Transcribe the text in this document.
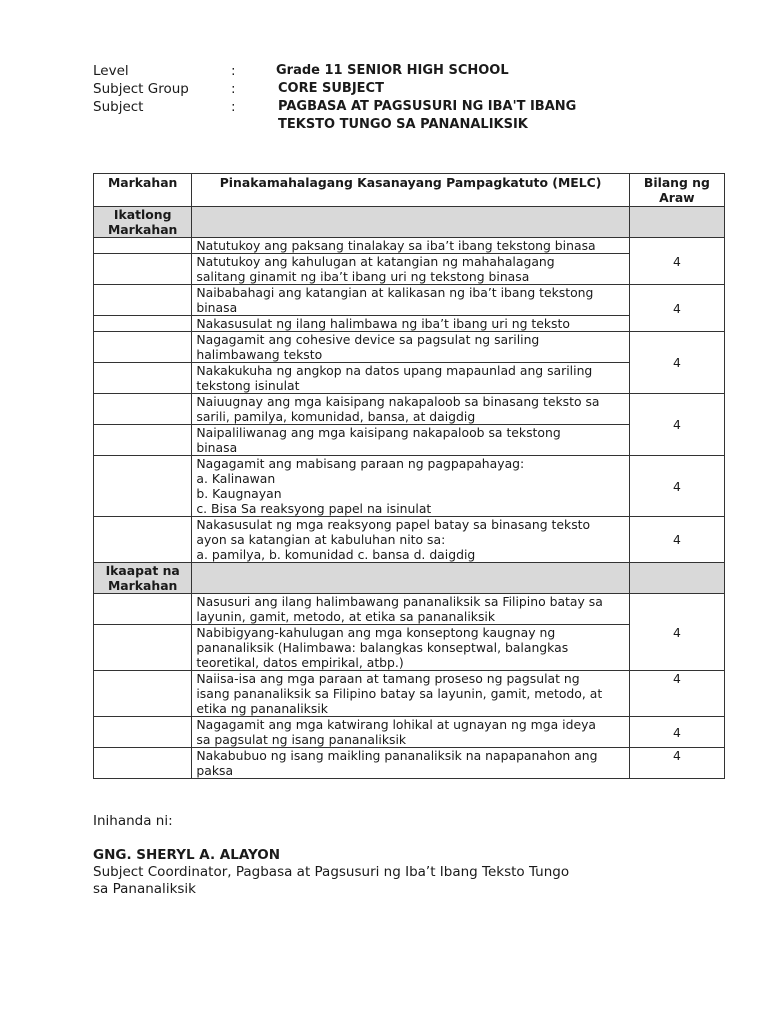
Level	:	Grade 11 SENIOR HIGH SCHOOL
Subject Group	:	CORE SUBJECT
Subject	:	PAGBASA AT PAGSUSURI NG IBA'T IBANG
TEKSTO TUNGO SA PANANALIKSIK
Markahan	Pinakamahalagang Kasanayang Pampagkatuto (MELC)	Bilang ng
Araw

Ikatlong
Markahan		

	Natutukoy ang paksang tinalakay sa iba’t ibang tekstong binasa	4

	Natutukoy ang kahulugan at katangian ng mahahalagang
salitang ginamit ng iba’t ibang uri ng tekstong binasa	

	Naibabahagi ang katangian at kalikasan ng iba’t ibang tekstong
binasa	4

	Nakasusulat ng ilang halimbawa ng iba’t ibang uri ng teksto	

	Nagagamit ang cohesive device sa pagsulat ng sariling
halimbawang teksto	4

	Nakakukuha ng angkop na datos upang mapaunlad ang sariling
tekstong isinulat	

	Naiuugnay ang mga kaisipang nakapaloob sa binasang teksto sa
sarili, pamilya, komunidad, bansa, at daigdig	4

	Naipaliliwanag ang mga kaisipang nakapaloob sa tekstong
binasa	

	Nagagamit ang mabisang paraan ng pagpapahayag:
a. Kalinawan
b. Kaugnayan
c. Bisa Sa reaksyong papel na isinulat	4

	Nakasusulat ng mga reaksyong papel batay sa binasang teksto
ayon sa katangian at kabuluhan nito sa:
a. pamilya, b. komunidad c. bansa d. daigdig	4

Ikaapat na
Markahan		

	Nasusuri ang ilang halimbawang pananaliksik sa Filipino batay sa
layunin, gamit, metodo, at etika sa pananaliksik	4

	Nabibigyang-kahulugan ang mga konseptong kaugnay ng
pananaliksik (Halimbawa: balangkas konseptwal, balangkas
teoretikal, datos empirikal, atbp.)	

	Naiisa-isa ang mga paraan at tamang proseso ng pagsulat ng
isang pananaliksik sa Filipino batay sa layunin, gamit, metodo, at
etika ng pananaliksik	4

	Nagagamit ang mga katwirang lohikal at ugnayan ng mga ideya
sa pagsulat ng isang pananaliksik	4

	Nakabubuo ng isang maikling pananaliksik na napapanahon ang
paksa	4
Inihanda ni:
GNG. SHERYL A. ALAYON
Subject Coordinator, Pagbasa at Pagsusuri ng Iba’t Ibang Teksto Tungo
sa Pananaliksik
